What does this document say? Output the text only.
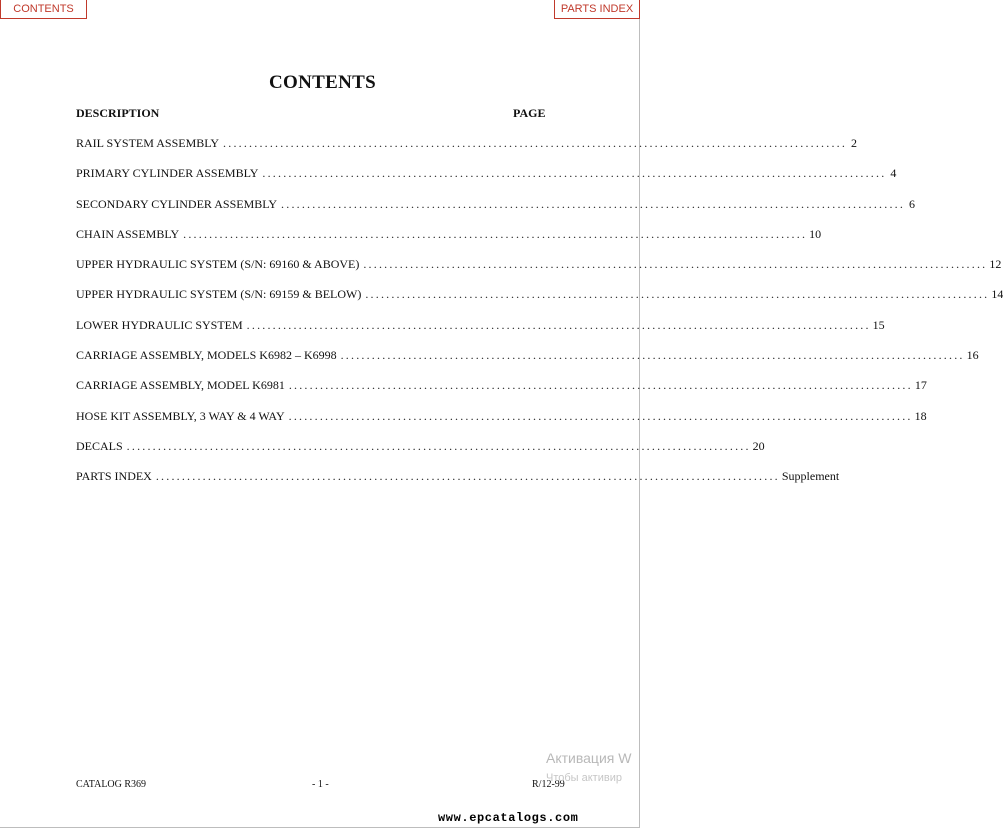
CONTENTS	PARTS INDEX
CONTENTS
DESCRIPTION	PAGE
RAIL SYSTEM ASSEMBLY ........................................................................................................................ 2
PRIMARY CYLINDER ASSEMBLY ........................................................................................................................ 4
SECONDARY CYLINDER ASSEMBLY ........................................................................................................................ 6
CHAIN ASSEMBLY ........................................................................................................................ 10
UPPER HYDRAULIC SYSTEM (S/N: 69160 & ABOVE) ........................................................................................................................ 12
UPPER HYDRAULIC SYSTEM (S/N: 69159 & BELOW) ........................................................................................................................ 14
LOWER HYDRAULIC SYSTEM ........................................................................................................................ 15
CARRIAGE ASSEMBLY, MODELS K6982 – K6998 ........................................................................................................................ 16
CARRIAGE ASSEMBLY, MODEL K6981 ........................................................................................................................ 17
HOSE KIT ASSEMBLY, 3 WAY & 4 WAY ........................................................................................................................ 18
DECALS ........................................................................................................................ 20
PARTS INDEX ........................................................................................................................ Supplement
CATALOG R369	- 1 -	R/12-99
Активация W
Чтобы активир
www.epcatalogs.com
